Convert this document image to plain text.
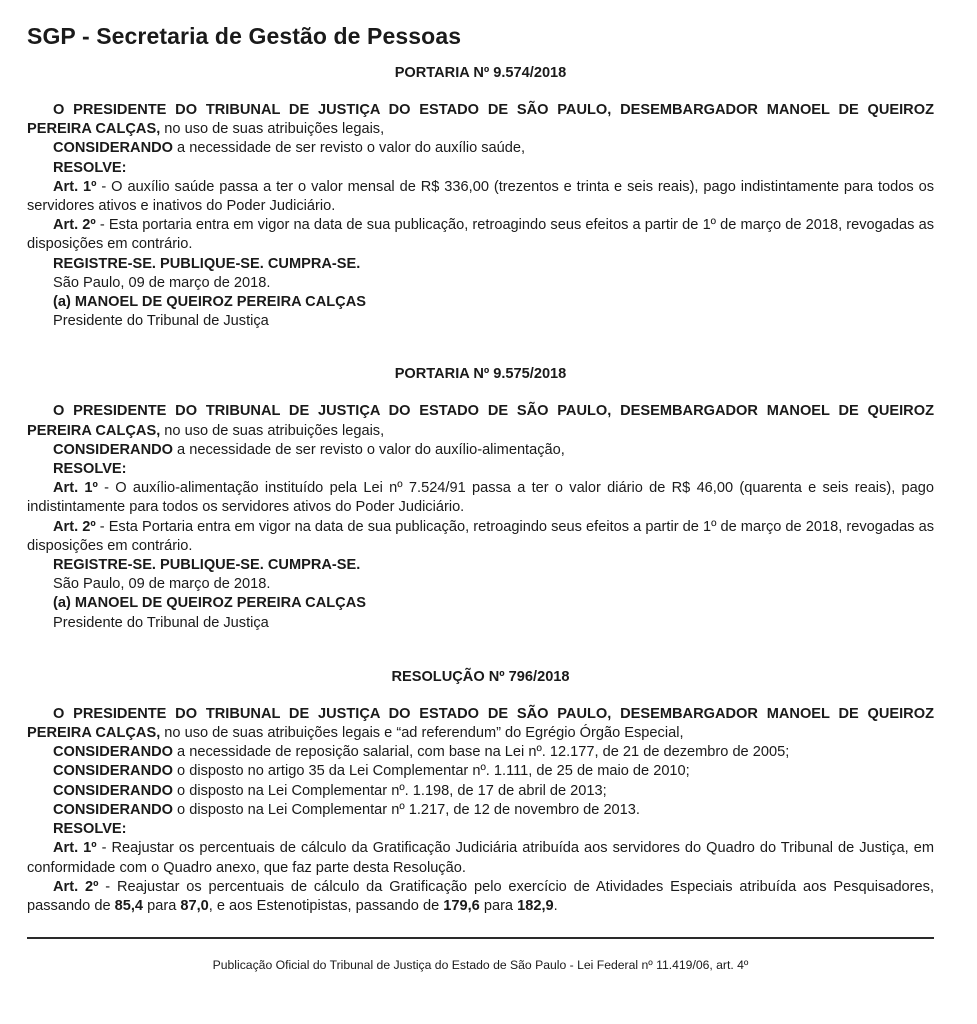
SGP - Secretaria de Gestão de Pessoas
PORTARIA Nº 9.574/2018

O PRESIDENTE DO TRIBUNAL DE JUSTIÇA DO ESTADO DE SÃO PAULO, DESEMBARGADOR MANOEL DE QUEIROZ PEREIRA CALÇAS, no uso de suas atribuições legais,

CONSIDERANDO a necessidade de ser revisto o valor do auxílio saúde,

RESOLVE:

Art. 1º - O auxílio saúde passa a ter o valor mensal de R$ 336,00 (trezentos e trinta e seis reais), pago indistintamente para todos os servidores ativos e inativos do Poder Judiciário.

Art. 2º - Esta portaria entra em vigor na data de sua publicação, retroagindo seus efeitos a partir de 1º de março de 2018, revogadas as disposições em contrário.

REGISTRE-SE. PUBLIQUE-SE. CUMPRA-SE.

São Paulo, 09 de março de 2018.

(a) MANOEL DE QUEIROZ PEREIRA CALÇAS

Presidente do Tribunal de Justiça

PORTARIA Nº 9.575/2018

O PRESIDENTE DO TRIBUNAL DE JUSTIÇA DO ESTADO DE SÃO PAULO, DESEMBARGADOR MANOEL DE QUEIROZ PEREIRA CALÇAS, no uso de suas atribuições legais,

CONSIDERANDO a necessidade de ser revisto o valor do auxílio-alimentação,

RESOLVE:

Art. 1º - O auxílio-alimentação instituído pela Lei nº 7.524/91 passa a ter o valor diário de R$ 46,00 (quarenta e seis reais), pago indistintamente para todos os servidores ativos do Poder Judiciário.

Art. 2º - Esta Portaria entra em vigor na data de sua publicação, retroagindo seus efeitos a partir de 1º de março de 2018, revogadas as disposições em contrário.

REGISTRE-SE. PUBLIQUE-SE. CUMPRA-SE.

São Paulo, 09 de março de 2018.

(a) MANOEL DE QUEIROZ PEREIRA CALÇAS

Presidente do Tribunal de Justiça

RESOLUÇÃO Nº 796/2018

O PRESIDENTE DO TRIBUNAL DE JUSTIÇA DO ESTADO DE SÃO PAULO, DESEMBARGADOR MANOEL DE QUEIROZ PEREIRA CALÇAS, no uso de suas atribuições legais e “ad referendum” do Egrégio Órgão Especial,

CONSIDERANDO a necessidade de reposição salarial, com base na Lei nº. 12.177, de 21 de dezembro de 2005;

CONSIDERANDO o disposto no artigo 35 da Lei Complementar nº. 1.111, de 25 de maio de 2010;

CONSIDERANDO o disposto na Lei Complementar nº. 1.198, de 17 de abril de 2013;

CONSIDERANDO o disposto na Lei Complementar nº 1.217, de 12 de novembro de 2013.

RESOLVE:

Art. 1º - Reajustar os percentuais de cálculo da Gratificação Judiciária atribuída aos servidores do Quadro do Tribunal de Justiça, em conformidade com o Quadro anexo, que faz parte desta Resolução.

Art. 2º - Reajustar os percentuais de cálculo da Gratificação pelo exercício de Atividades Especiais atribuída aos Pesquisadores, passando de 85,4 para 87,0, e aos Estenotipistas, passando de 179,6 para 182,9.

Publicação Oficial do Tribunal de Justiça do Estado de São Paulo - Lei Federal nº 11.419/06, art. 4º
